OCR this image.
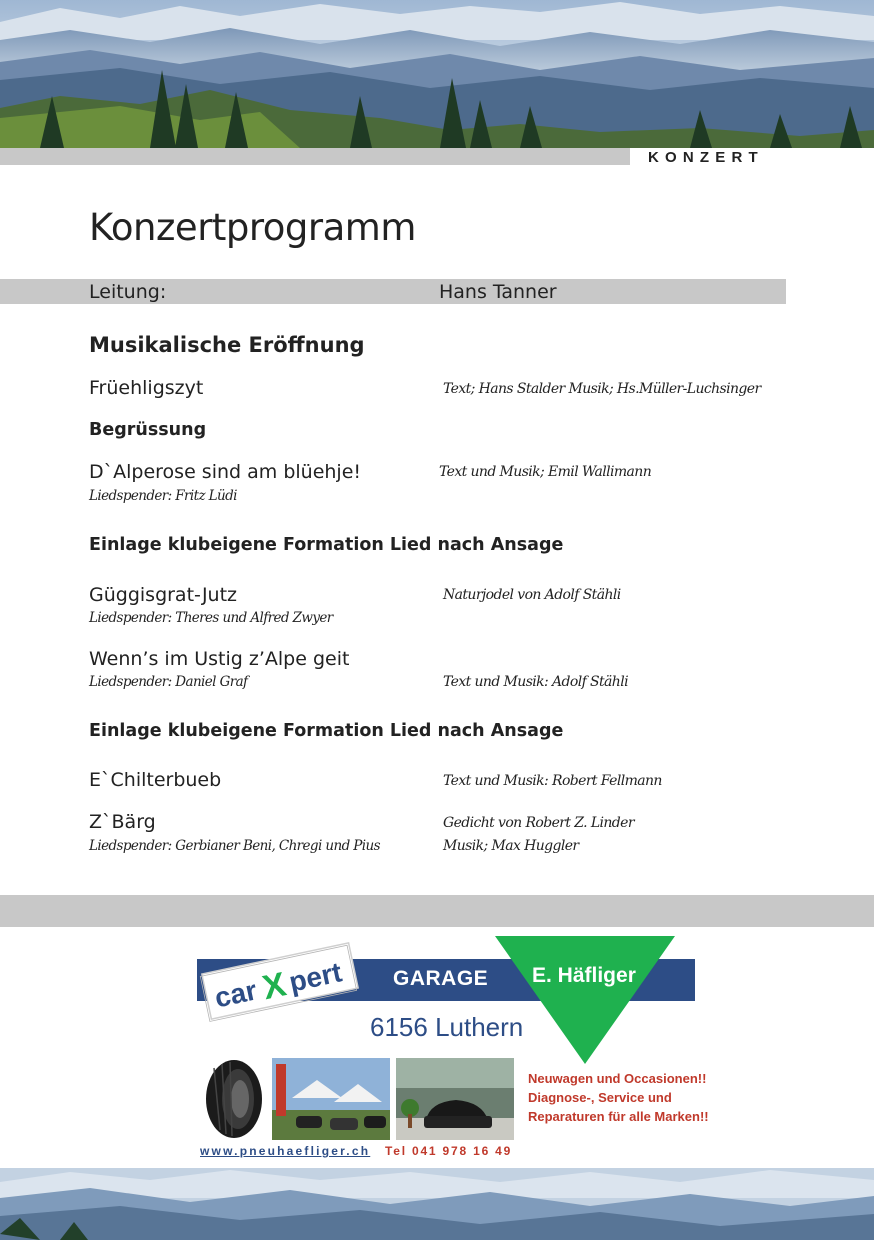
KONZERT
Konzertprogramm
Leitung:	Hans Tanner
Musikalische Eröffnung
Früehligszyt	Text; Hans Stalder Musik; Hs.Müller-Luchsinger
Begrüssung
D`Alperose sind am blüehje!	Text und Musik; Emil Wallimann
Liedspender: Fritz Lüdi
Einlage klubeigene Formation Lied nach Ansage
Güggisgrat-Jutz	Naturjodel von Adolf Stähli
Liedspender: Theres und Alfred Zwyer
Wenn’s im Ustig z’Alpe geit
Liedspender: Daniel Graf	Text und Musik: Adolf Stähli
Einlage klubeigene Formation Lied nach Ansage
E`Chilterbueb	Text und Musik: Robert Fellmann
Z`Bärg	Gedicht von Robert Z. Linder
Liedspender: Gerbianer Beni, Chregi und Pius	Musik; Max Huggler
GARAGE E. Häfliger
car X
pert
6156 Luthern
Neuwagen und Occasionen!!
Diagnose-, Service und
Reparaturen für alle Marken!!
www.pneuhaefliger.ch Tel 041 978 16 49
